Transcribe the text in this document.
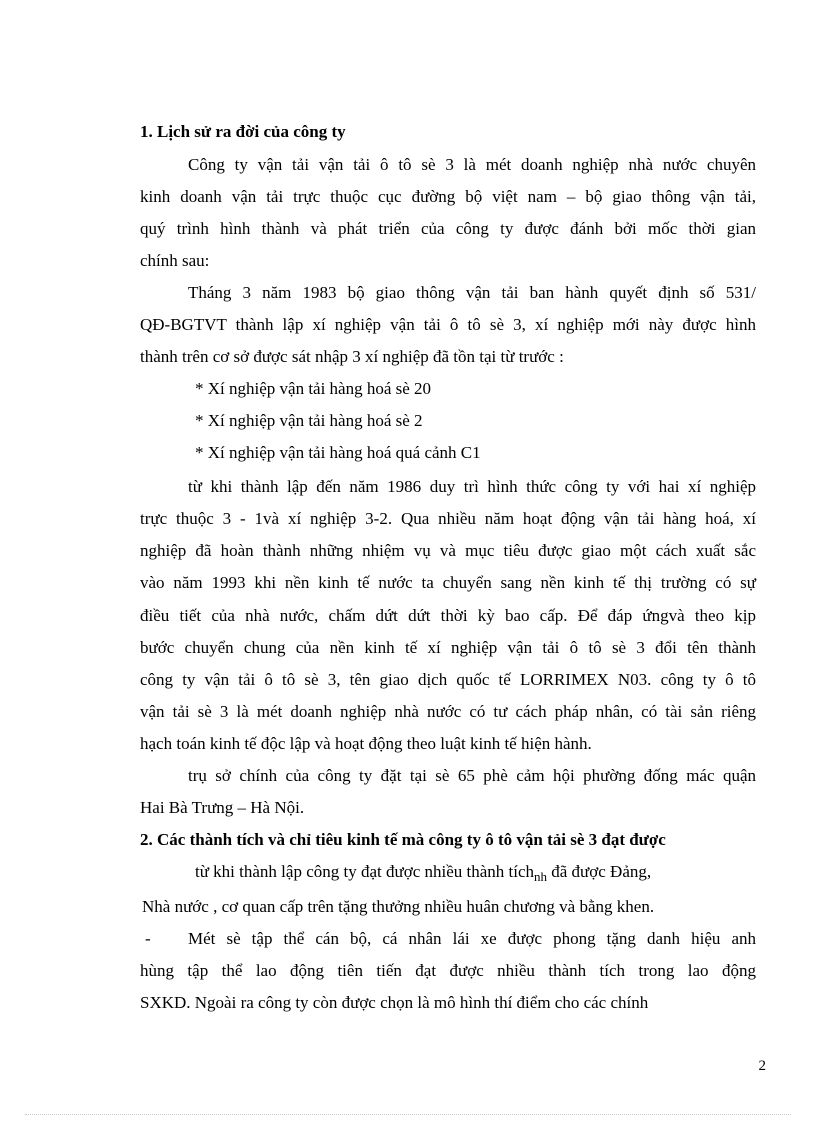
1. Lịch sử ra đời của công ty
Công ty vận tải vận tải ô tô sè 3 là mét doanh nghiệp nhà nước chuyên
kinh doanh vận tải trực thuộc cục đường bộ việt nam – bộ giao thông vận tải,
quý trình hình thành và phát triển của công ty được đánh bởi mốc thời gian
chính sau:
Tháng 3 năm 1983 bộ giao thông vận tải ban hành quyết định số 531/
QĐ-BGTVT thành lập xí nghiệp vận tải ô tô sè 3, xí nghiệp mới này được hình
thành trên cơ sở được sát nhập 3 xí nghiệp đã tồn tại từ trước :
* Xí nghiệp vận tải hàng hoá sè 20
* Xí nghiệp vận tải hàng hoá sè 2
* Xí nghiệp vận tải hàng hoá quá cảnh C1
từ khi thành lập đến năm 1986 duy trì hình thức công ty với hai xí nghiệp
trực thuộc 3 - 1và xí nghiệp 3-2. Qua nhiều năm hoạt động vận tải hàng hoá, xí
nghiệp đã hoàn thành những nhiệm vụ và mục tiêu được giao một cách xuất sắc
vào năm 1993 khi nền kinh tế nước ta chuyển sang nền kinh tế thị trường có sự
điều tiết của nhà nước, chấm dứt dứt thời kỳ bao cấp. Để đáp ứngvà theo kịp
bước chuyển chung của nền kinh tế xí nghiệp vận tải ô tô sè 3 đổi tên thành
công ty vận tải ô tô sè 3, tên giao dịch quốc tế LORRIMEX N03. công ty ô tô
vận tải sè 3 là mét doanh nghiệp nhà nước có tư cách pháp nhân, có tài sản riêng
hạch toán kinh tế độc lập và hoạt động theo luật kinh tế hiện hành.
trụ sở chính của công ty đặt tại sè 65 phè cảm hội phường đống mác quận
Hai Bà Trưng – Hà Nội.
2. Các thành tích và chỉ tiêu kinh tế mà công ty ô tô vận tải sè 3 đạt được
từ khi thành lập công ty đạt được nhiều thành tích$_{nh}$ đã được Đảng,
Nhà nước , cơ quan cấp trên tặng thưởng nhiều huân chương và bằng khen.
- Mét sè tập thể cán bộ, cá nhân lái xe được phong tặng danh hiệu anh
hùng tập thể lao động tiên tiến đạt được nhiều thành tích trong lao động
SXKD. Ngoài ra công ty còn được chọn là mô hình thí điểm cho các chính
2
